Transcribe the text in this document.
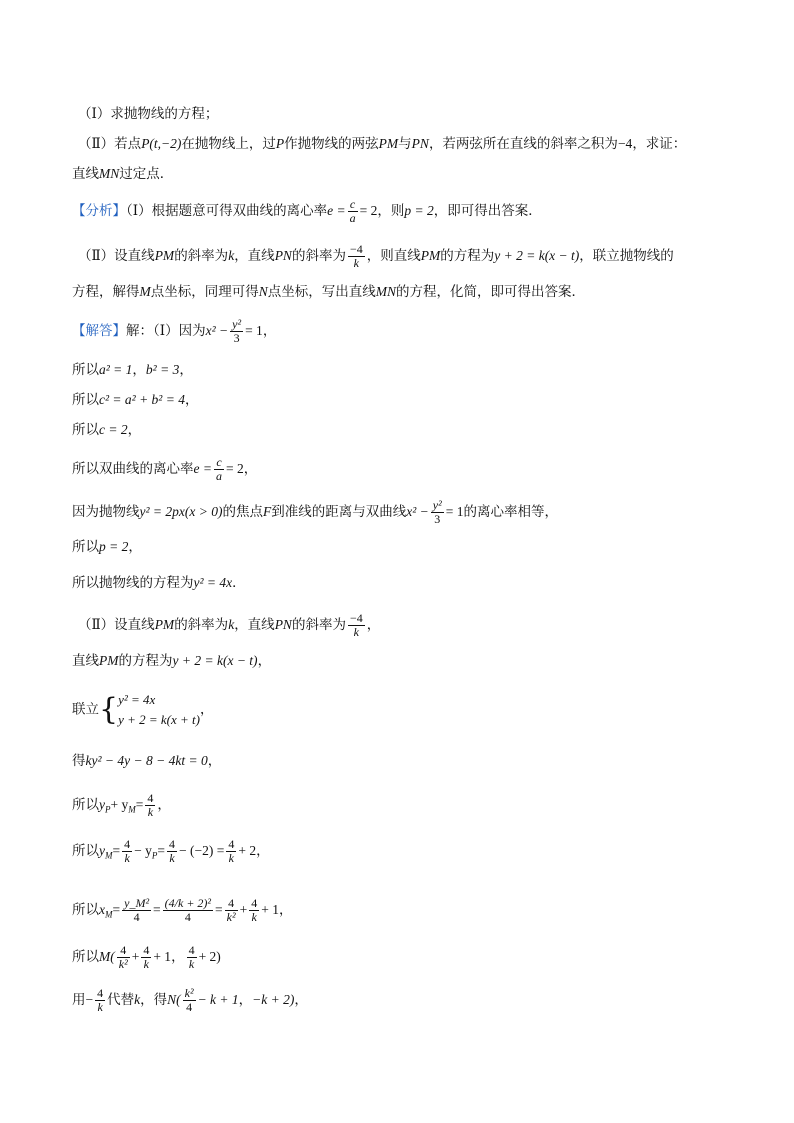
（Ⅰ）求抛物线的方程；
（Ⅱ）若点P(t,−2)在抛物线上，过P作抛物线的两弦PM与PN，若两弦所在直线的斜率之积为−4，求证：
直线MN过定点．
【分析】（Ⅰ）根据题意可得双曲线的离心率$e = \frac{c}{a} = 2$，则p = 2，即可得出答案．
（Ⅱ）设直线PM的斜率为k，直线PN的斜率为 $\frac{-4}{k}$ ，则直线PM的方程为y + 2 = k(x − t)，联立抛物线的
方程，解得M点坐标，同理可得N点坐标，写出直线MN的方程，化简，即可得出答案．
【解答】解：（Ⅰ）因为$x^2 - \frac{\text{y²}}{3} = 1$，
所以a² = 1，b² = 3，
所以c² = a² + b² = 4，
所以c = 2，
所以双曲线的离心率$e = \frac{c}{a} = 2$，
因为抛物线y² = 2px(x > 0)的焦点F到准线的距离与双曲线$x^2 - \frac{\text{y²}}{3} = 1$的离心率相等，
所以p = 2，
所以抛物线的方程为y² = 4x．
（Ⅱ）设直线PM的斜率为k，直线PN的斜率为 $\frac{-4}{k}$ ，
直线PM的方程为y + 2 = k(x − t)，
联立{ y² = 4x
y + 2 = k(x + t)
，
得ky² − 4y − 8 − 4kt = 0，
所以$y_P+ y_M= \frac{4}{k}$ ，
所以$y_M= \frac{4}{k} - y_P= \frac{4}{k} - (-2) = \frac{4}{k} + 2$，
所以$x_M= \frac{\text{y\_M²}}{4} = \frac{\text{(4/k + 2)²}}{4} = \frac{4}{\text{k²}} + \frac{4}{k} + 1$，
所以$M( \frac{4}{\text{k²}} + \frac{4}{k} + 1$， $\frac{4}{k} + 2$)
用− $\frac{4}{k}$ 代替k，得$N( \frac{\text{k²}}{4} - k + 1$，−k + 2)，
